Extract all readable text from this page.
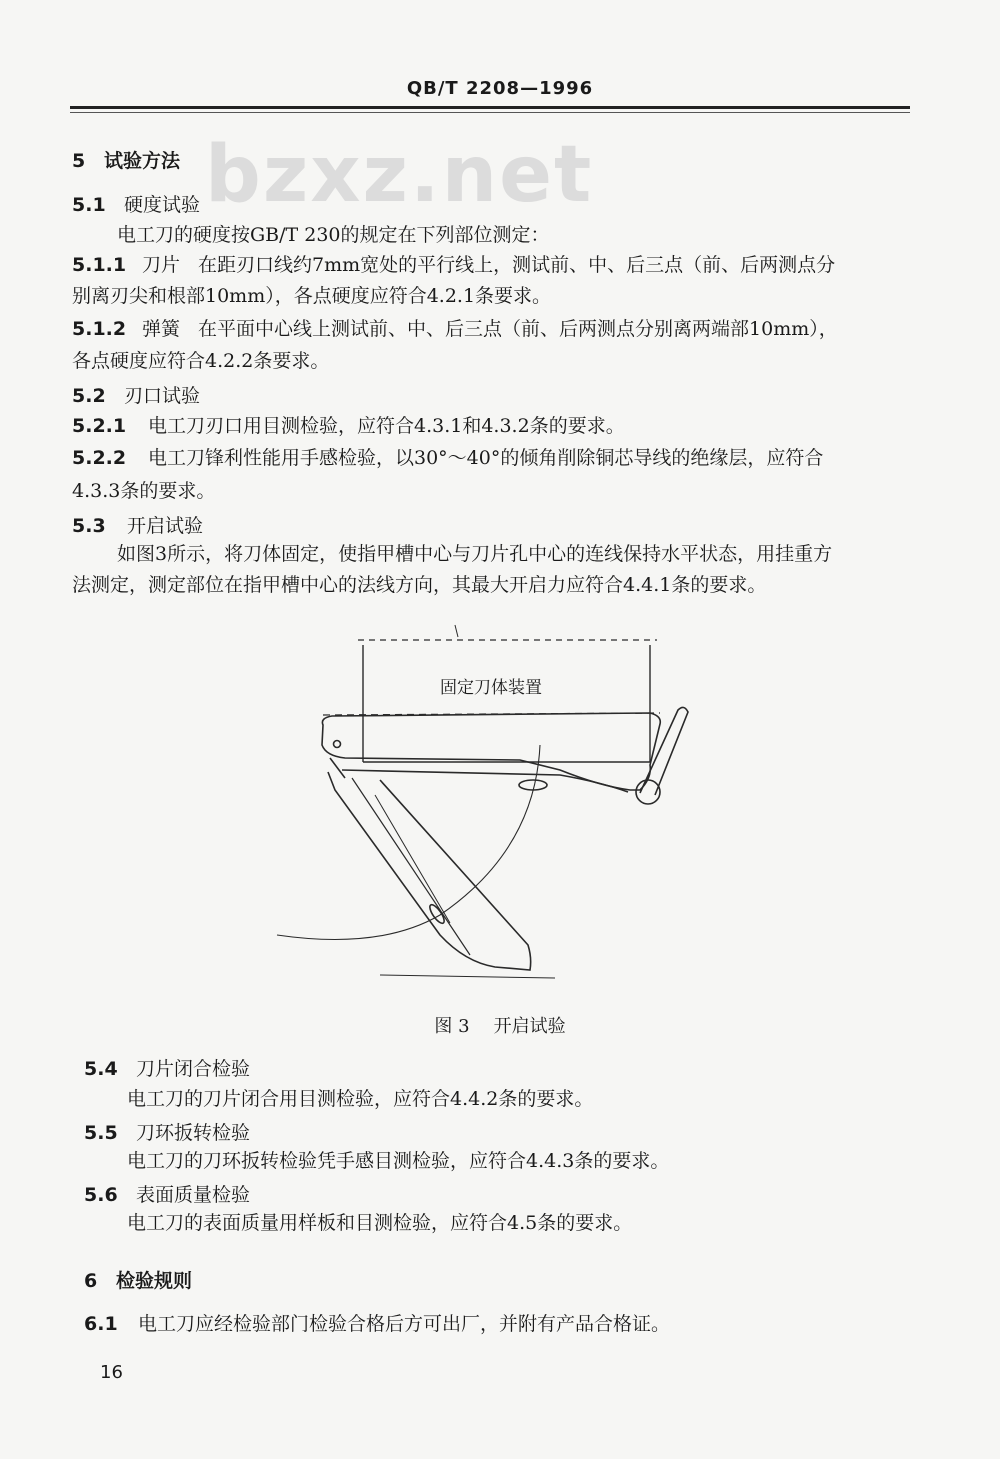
QB/T 2208—1996
bzxz.net
5 试验方法
5.1 硬度试验
电工刀的硬度按GB/T 230的规定在下列部位测定：
5.1.1 刀片 在距刃口线约7mm宽处的平行线上，测试前、中、后三点（前、后两测点分
别离刃尖和根部10mm），各点硬度应符合4.2.1条要求。
5.1.2 弹簧 在平面中心线上测试前、中、后三点（前、后两测点分别离两端部10mm），
各点硬度应符合4.2.2条要求。
5.2 刃口试验
5.2.1 电工刀刃口用目测检验，应符合4.3.1和4.3.2条的要求。
5.2.2 电工刀锋利性能用手感检验，以30°～40°的倾角削除铜芯导线的绝缘层，应符合
4.3.3条的要求。
5.3 开启试验
如图3所示，将刀体固定，使指甲槽中心与刀片孔中心的连线保持水平状态，用挂重方
法测定，测定部位在指甲槽中心的法线方向，其最大开启力应符合4.4.1条的要求。
固定刀体装置
图 3 开启试验
5.4 刀片闭合检验
电工刀的刀片闭合用目测检验，应符合4.4.2条的要求。
5.5 刀环扳转检验
电工刀的刀环扳转检验凭手感目测检验，应符合4.4.3条的要求。
5.6 表面质量检验
电工刀的表面质量用样板和目测检验，应符合4.5条的要求。
6 检验规则
6.1 电工刀应经检验部门检验合格后方可出厂，并附有产品合格证。
16
